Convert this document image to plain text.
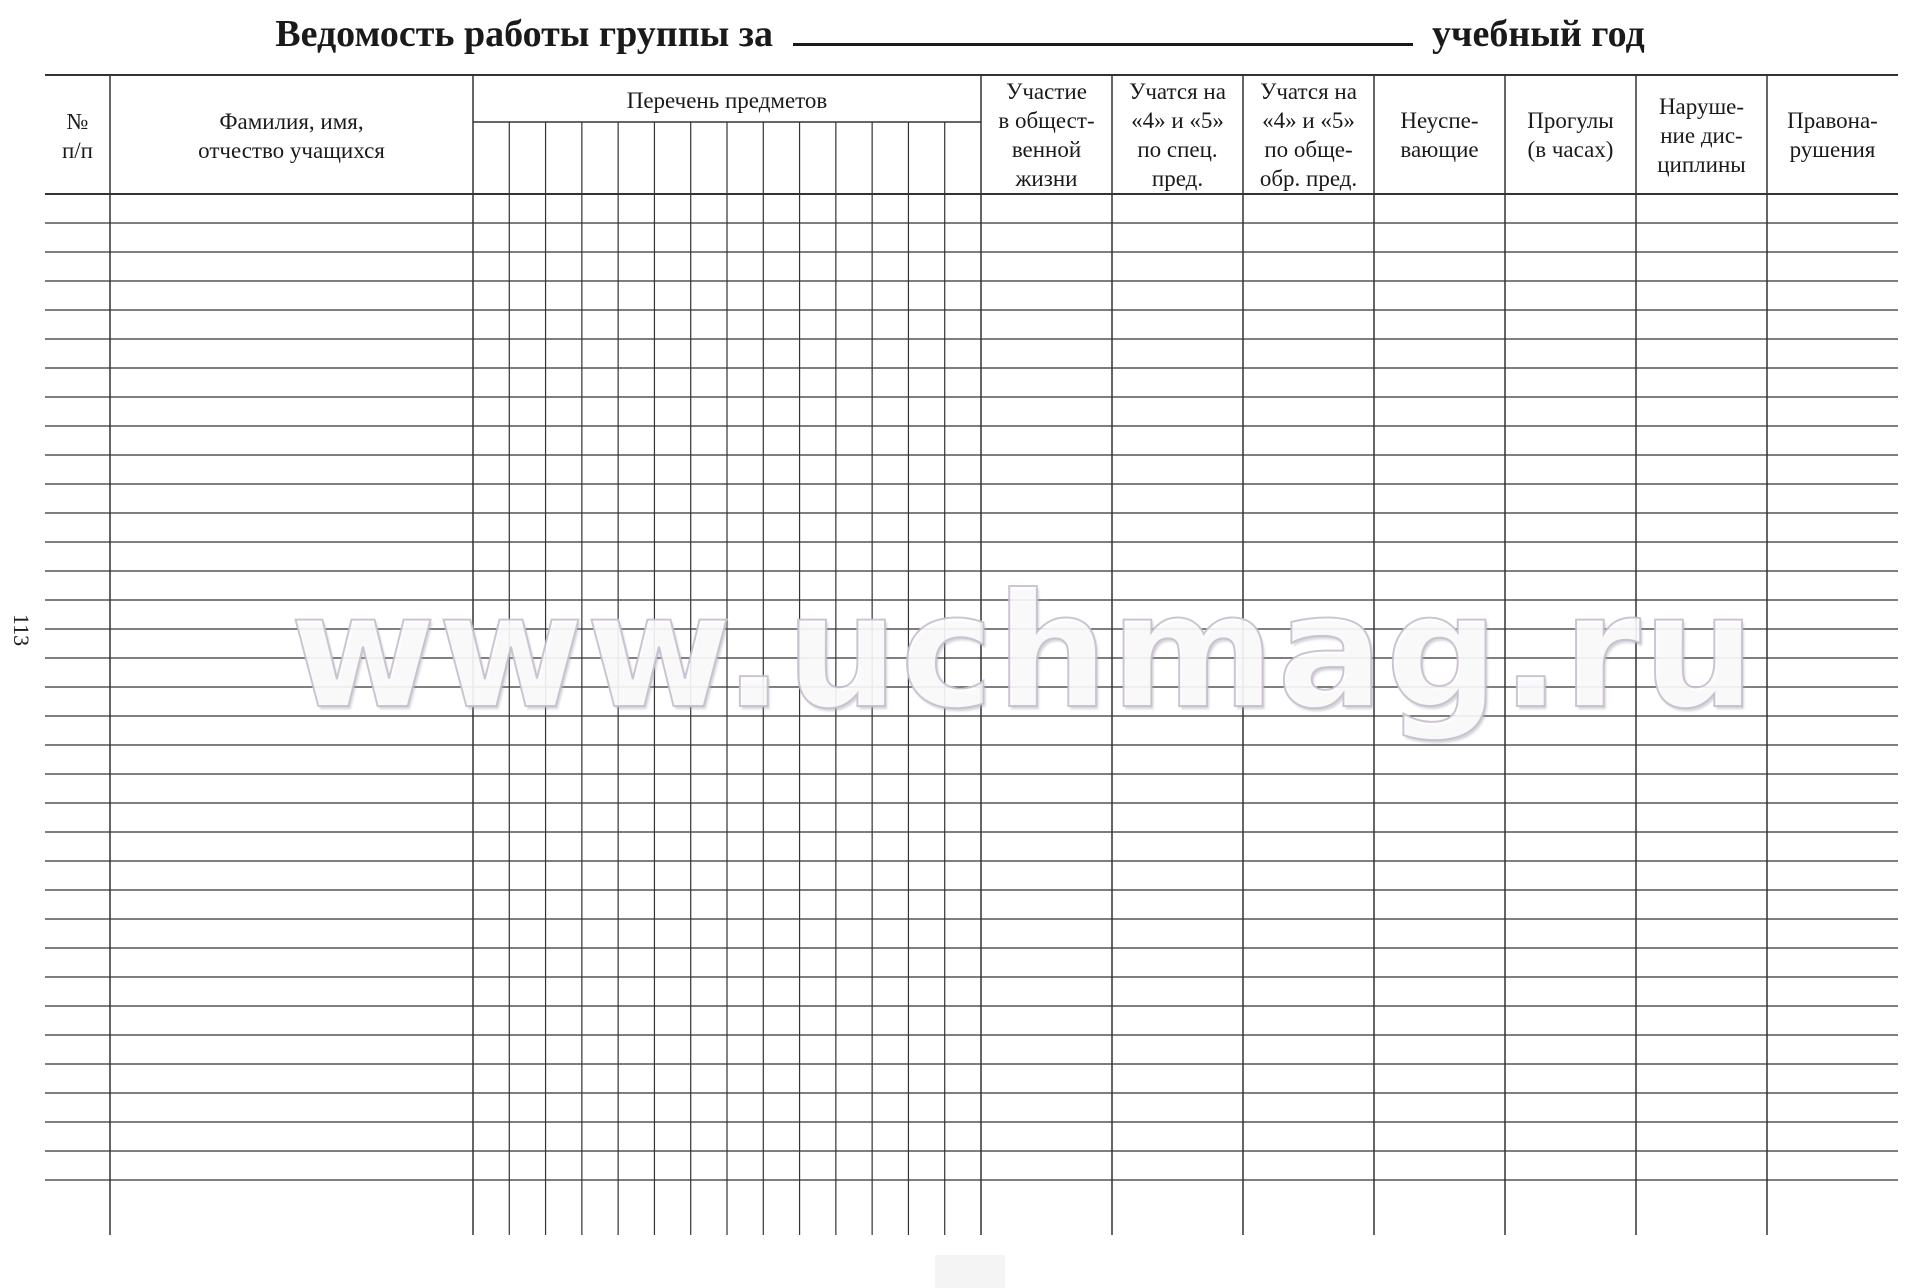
Ведомость работы группы за	учебный год
№
п/п
Фамилия, имя,
отчество учащихся
Перечень предметов	Участие
в общест-
венной
жизни
Учатся на
«4» и «5»
по спец.
пред.
Учатся на
«4» и «5»
по обще-
обр. пред.
Неуспе-
вающие
Прогулы
(в часах)
Наруше-
ние дис-
циплины
Правона-
рушения
113 www.uchmag.ru
